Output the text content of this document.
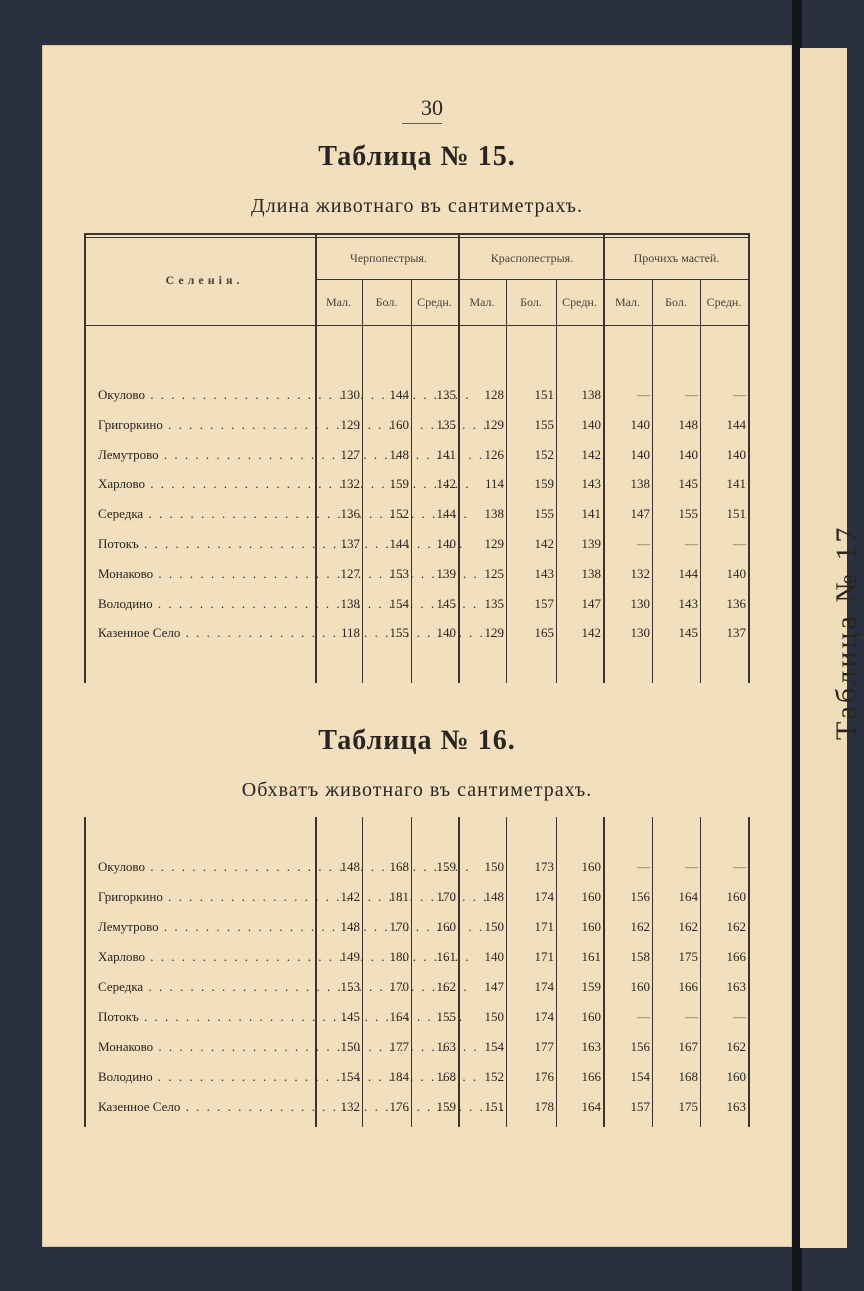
Таблица № 17
30
Таблица № 15.
Длина животнаго въ сантиметрахъ.
Селенія.
Черпопестрыя.	Краспопестрыя.	Прочихъ мастей.
Мал.	Бол.	Средн.	Мал.	Бол.	Средн.	Мал.	Бол.	Средн.
Окулово . . .	130	144	135	128	151	138	—	—	—
Григоркино . . .	129	160	135	129	155	140	140	148	144
Лемутрово . . .	127	148	141	126	152	142	140	140	140
Харлово . . .	132	159	142	114	159	143	138	145	141
Середка . . .	136	152	144	138	155	141	147	155	151
Потокъ . . .	137	144	140	129	142	139	—	—	—
Монаково . . .	127	153	139	125	143	138	132	144	140
Володино . . .	138	154	145	135	157	147	130	143	136
Казенное Село . . .	118	155	140	129	165	142	130	145	137
Таблица № 16.
Обхватъ животнаго въ сантиметрахъ.
Окулово . . .	148	168	159	150	173	160	—	—	—
Григоркино . . .	142	181	170	148	174	160	156	164	160
Лемутрово . . .	148	170	160	150	171	160	162	162	162
Харлово . . .	149	180	161	140	171	161	158	175	166
Середка . . .	153	170	162	147	174	159	160	166	163
Потокъ . . .	145	164	155	150	174	160	—	—	—
Монаково . . .	150	177	163	154	177	163	156	167	162
Володино . . .	154	184	168	152	176	166	154	168	160
Казенное Село . . .	132	176	159	151	178	164	157	175	163
